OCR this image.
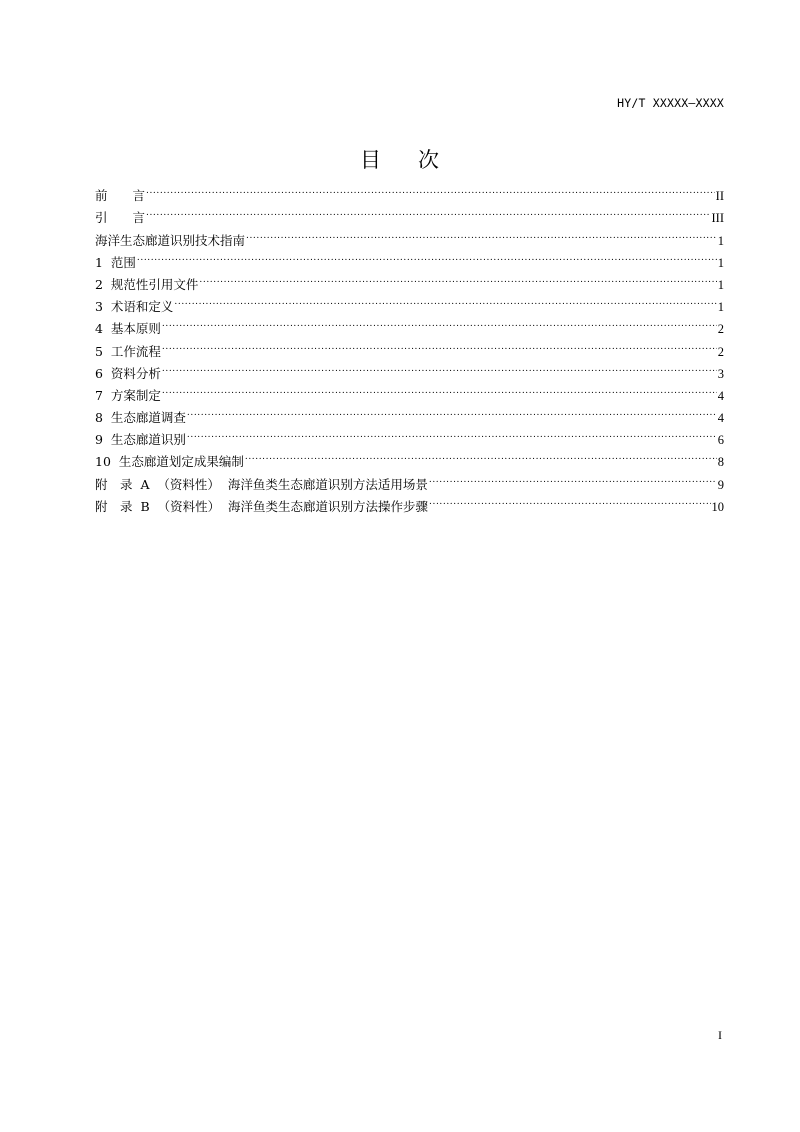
HY/T XXXXX—XXXX
目 次
前　　言 .....	II
引　　言 .....	III
海洋生态廊道识别技术指南 .....	1
1  范围 .....	1
2  规范性引用文件 .....	1
3  术语和定义 .....	1
4  基本原则 .....	2
5  工作流程 .....	2
6  资料分析 .....	3
7  方案制定 .....	4
8  生态廊道调查 .....	4
9  生态廊道识别 .....	6
10  生态廊道划定成果编制 .....	8
附　录  A  （资料性）  海洋鱼类生态廊道识别方法适用场景 .....	9
附　录  B  （资料性）  海洋鱼类生态廊道识别方法操作步骤 .....	10
I
